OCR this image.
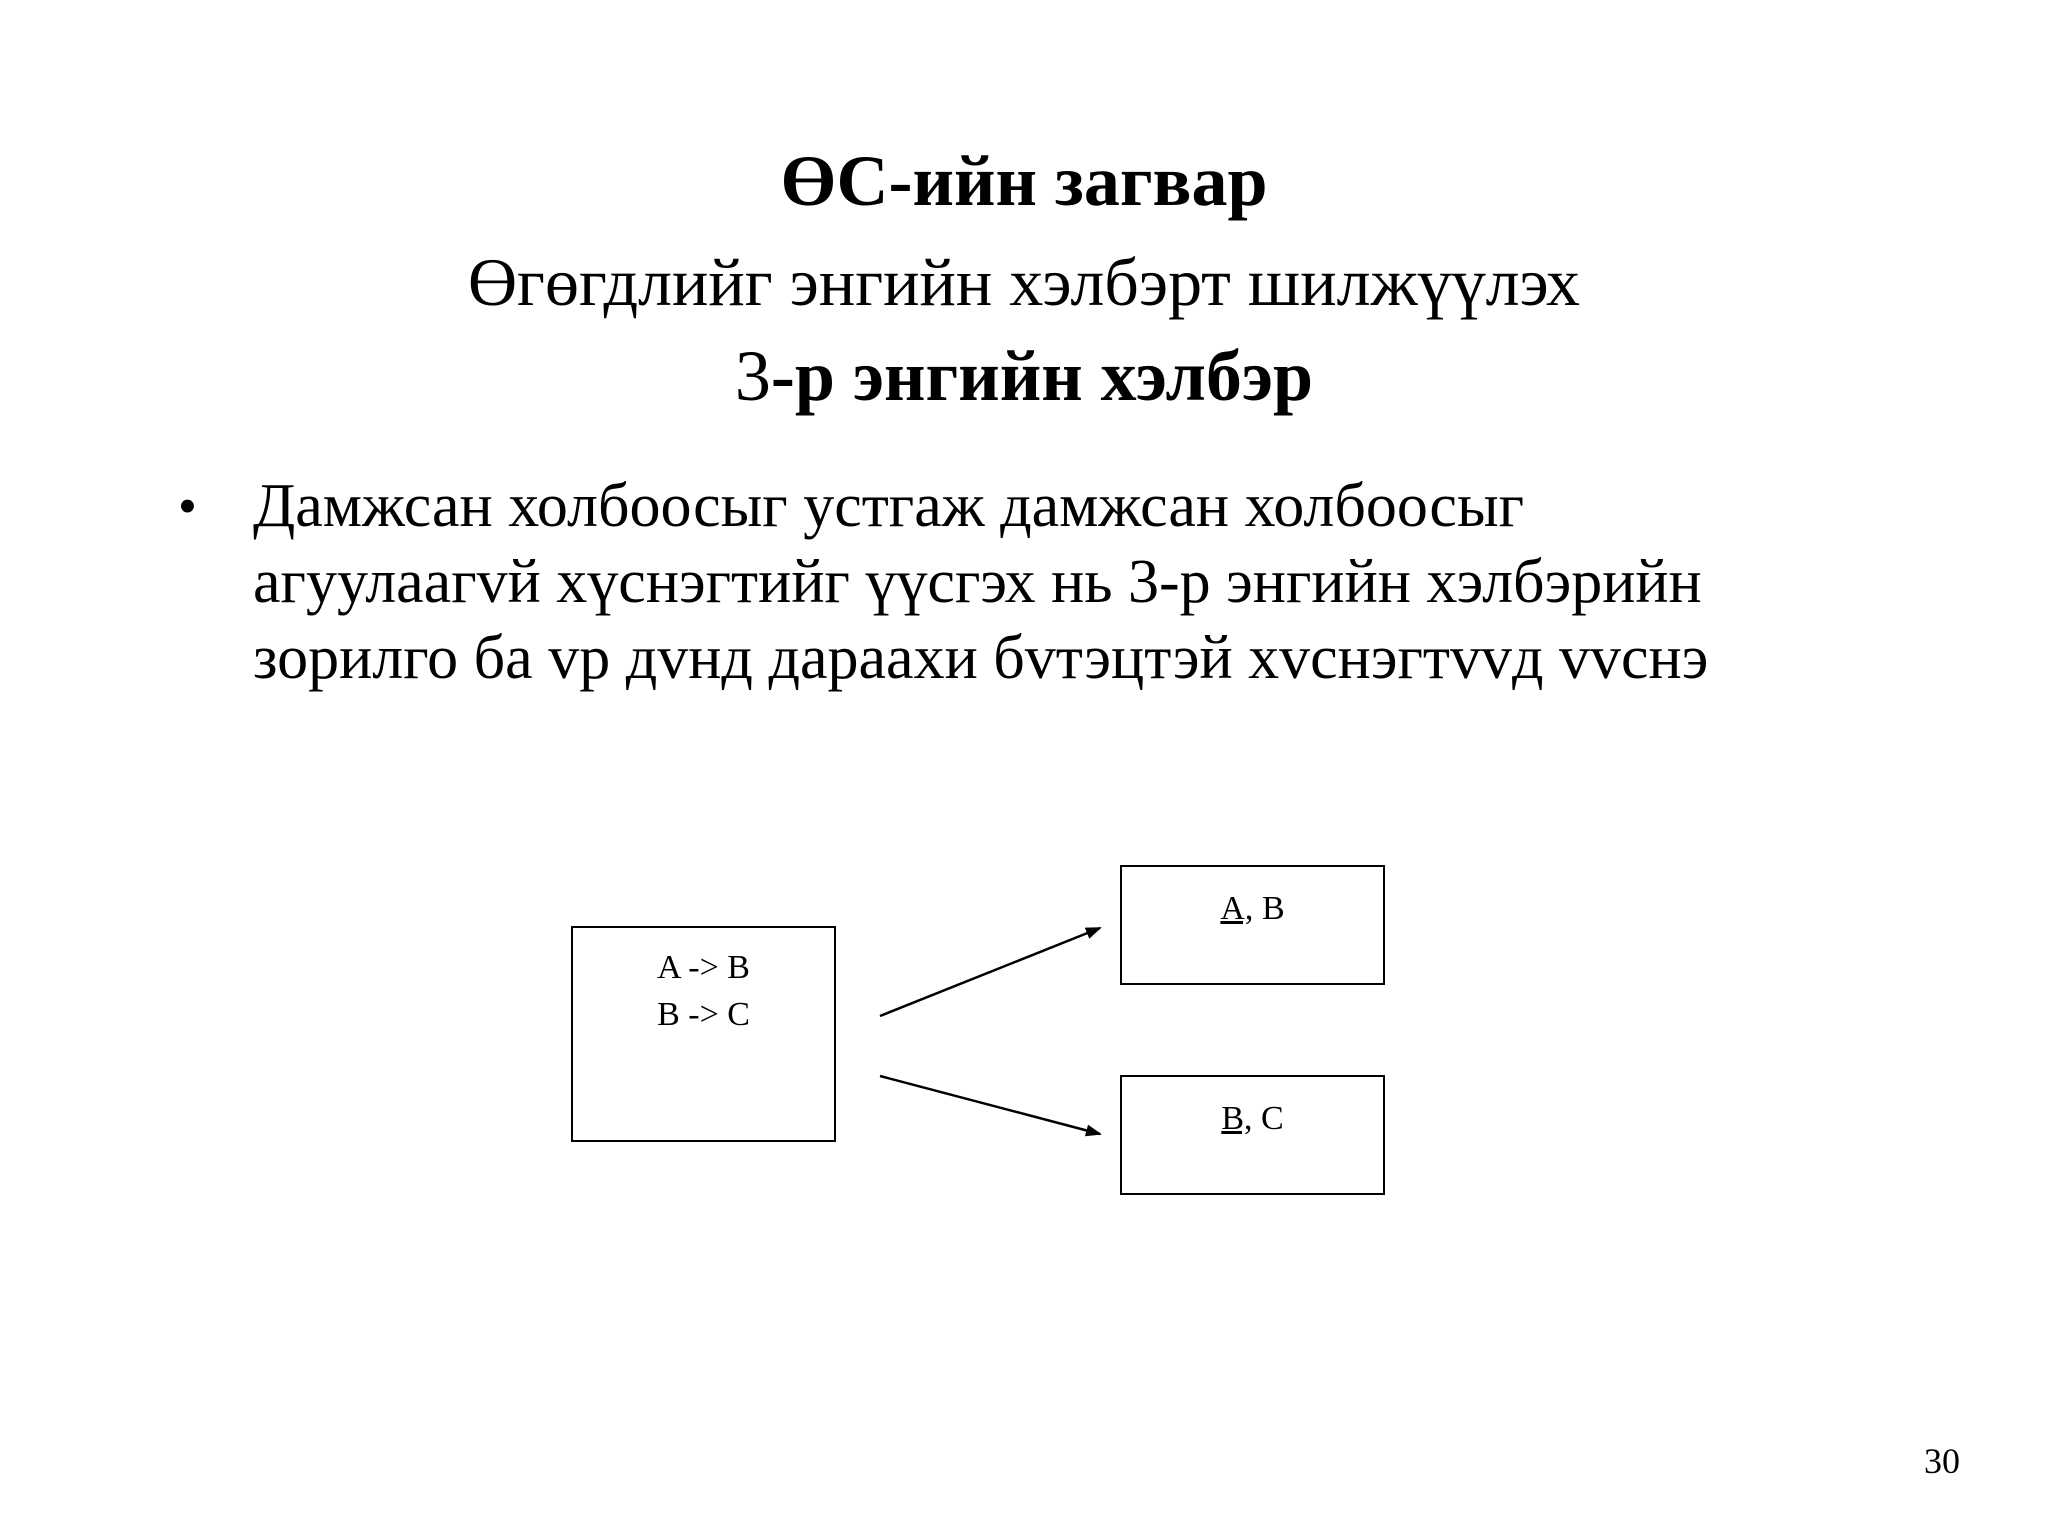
ӨС-ийн загвар
Өгөгдлийг энгийн хэлбэрт шилжүүлэх
3-р энгийн хэлбэр
• Дамжсан холбоосыг устгаж дамжсан холбоосыг
агуулаагvй хүснэгтийг үүсгэх нь 3-р энгийн хэлбэрийн
зорилго ба vр дvнд дараахи бvтэцтэй хvснэгтvvд vvснэ
A -> B
B -> C
A, B
B, C
30
